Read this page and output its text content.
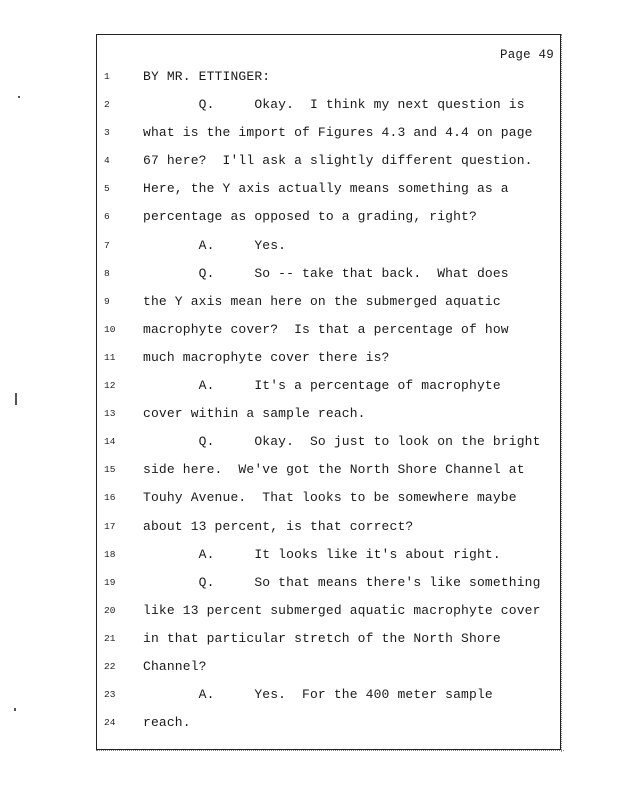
Page 49
1
2
3
4
5
6
7
8
9
10
11
12
13
14
15
16
17
18
19
20
21
22
23
24
BY MR. ETTINGER:
Q.     Okay.  I think my next question is
what is the import of Figures 4.3 and 4.4 on page
67 here?  I'll ask a slightly different question.
Here, the Y axis actually means something as a
percentage as opposed to a grading, right?
A.     Yes.
Q.     So -- take that back.  What does
the Y axis mean here on the submerged aquatic
macrophyte cover?  Is that a percentage of how
much macrophyte cover there is?
A.     It's a percentage of macrophyte
cover within a sample reach.
Q.     Okay.  So just to look on the bright
side here.  We've got the North Shore Channel at
Touhy Avenue.  That looks to be somewhere maybe
about 13 percent, is that correct?
A.     It looks like it's about right.
Q.     So that means there's like something
like 13 percent submerged aquatic macrophyte cover
in that particular stretch of the North Shore
Channel?
A.     Yes.  For the 400 meter sample
reach.
